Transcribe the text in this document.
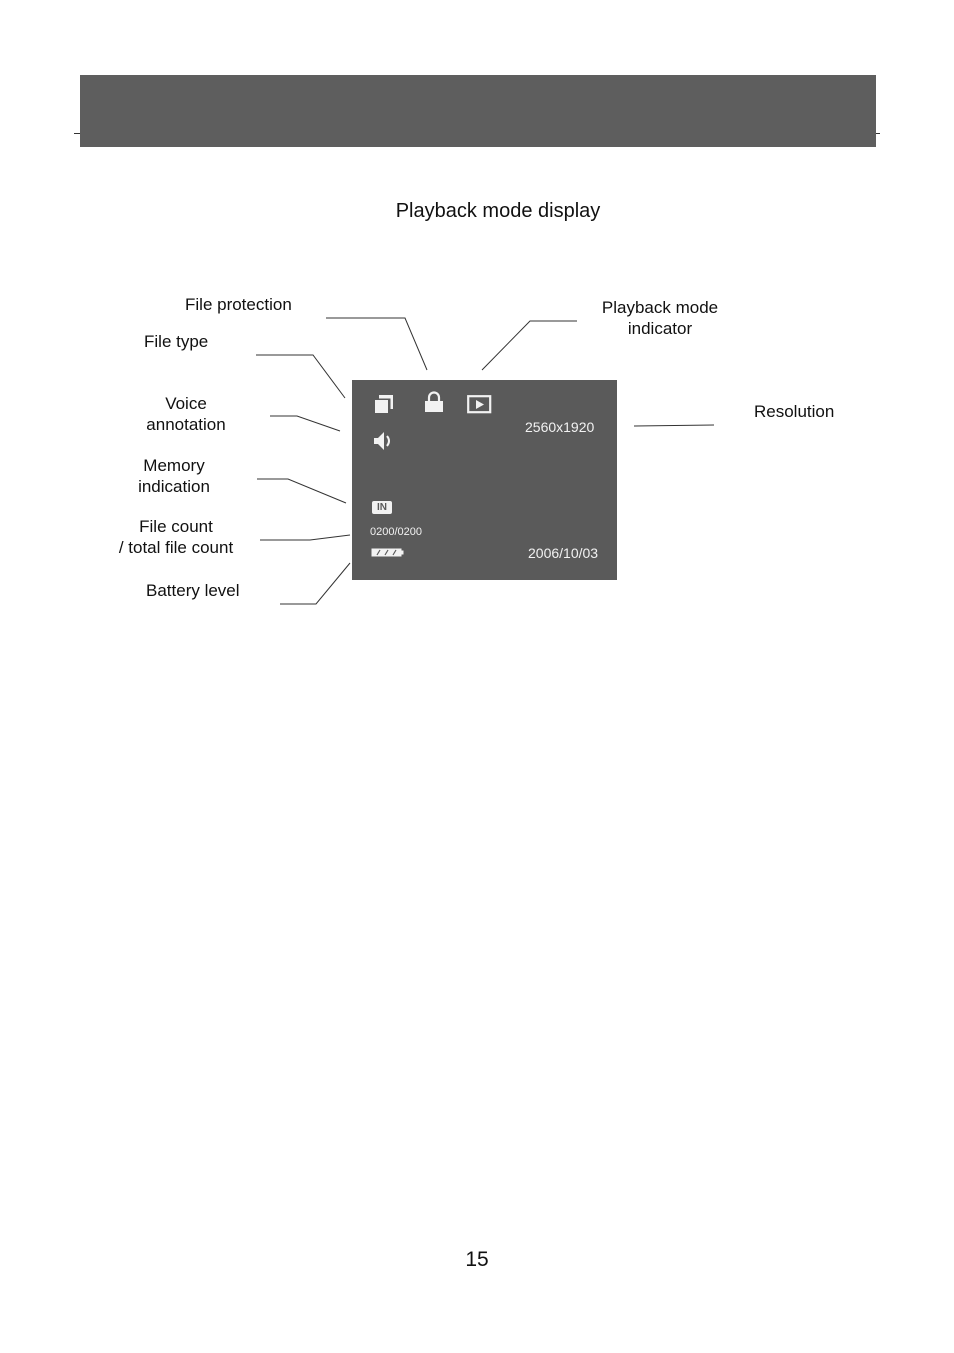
Playback mode display
File protection
File type
Voice
annotation
Memory
indication
File count
/ total file count
Battery level
Playback mode
indicator
Resolution
2560x1920
IN
0200/0200
2006/10/03
15
